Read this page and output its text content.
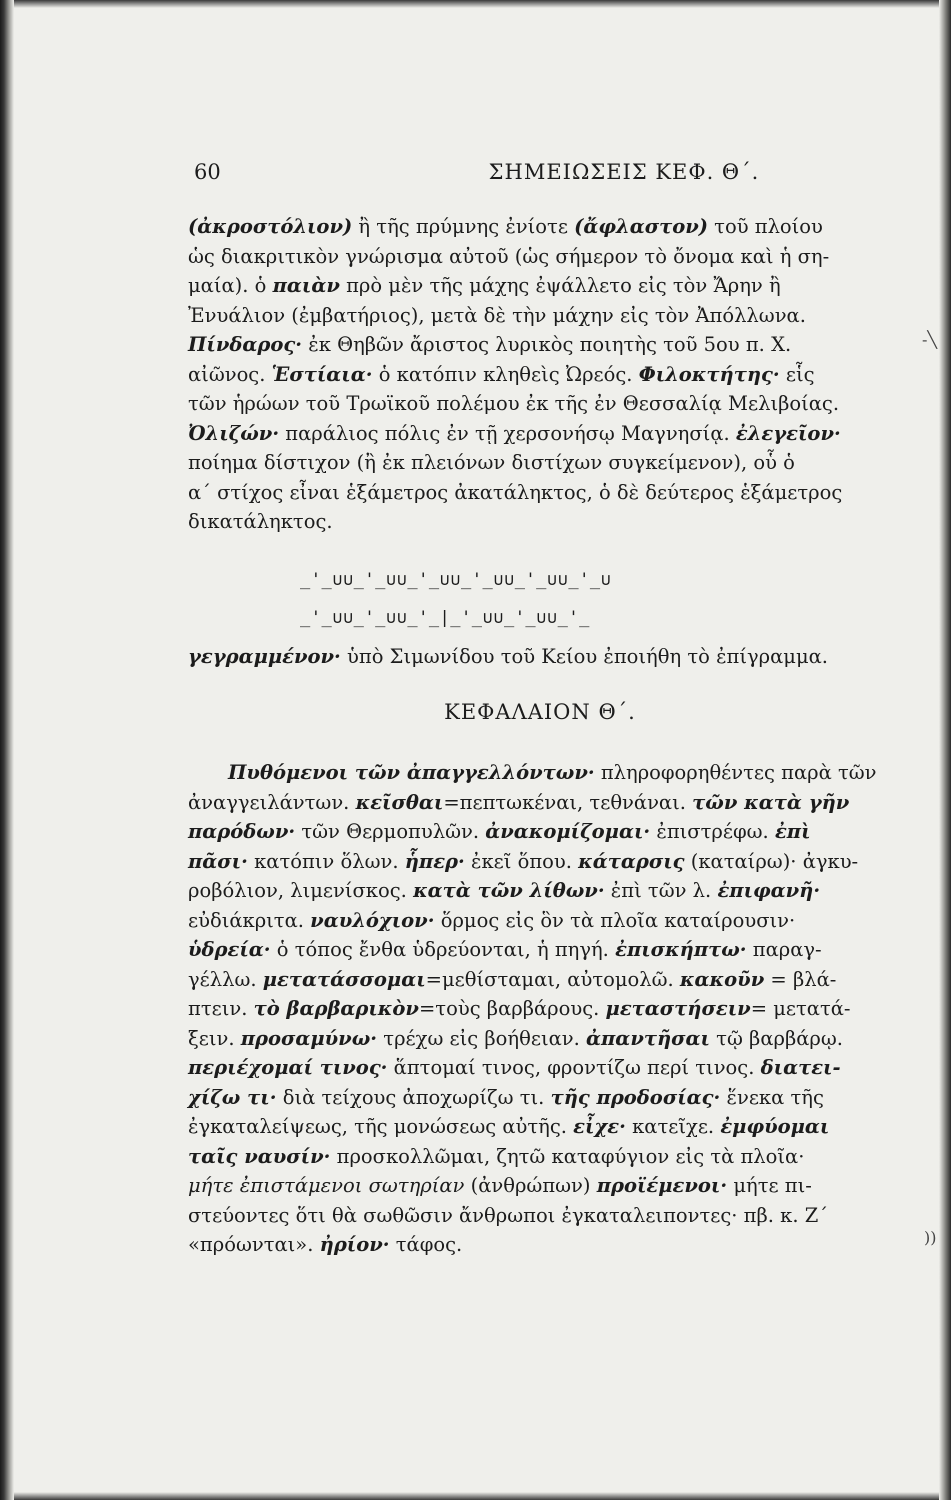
60	ΣΗΜΕΙΩΣΕΙΣ ΚΕΦ. Θ΄.
(ἀκροστόλιον) ἢ τῆς πρύμνης ἐνίοτε (ἄφλαστον) τοῦ πλοίου
ὡς διακριτικὸν γνώρισμα αὐτοῦ (ὡς σήμερον τὸ ὄνομα καὶ ἡ ση-
μαία). ὁ παιὰν πρὸ μὲν τῆς μάχης ἐψάλλετο εἰς τὸν Ἄρην ἢ
Ἐνυάλιον (ἐμβατήριος), μετὰ δὲ τὴν μάχην εἰς τὸν Ἀπόλλωνα.
Πίνδαρος· ἐκ Θηβῶν ἄριστος λυρικὸς ποιητὴς τοῦ 5ου π. Χ.
αἰῶνος. Ἑστίαια· ὁ κατόπιν κληθεὶς Ὠρεός. Φιλοκτήτης· εἷς
τῶν ἡρώων τοῦ Τρωϊκοῦ πολέμου ἐκ τῆς ἐν Θεσσαλίᾳ Μελιβοίας.
Ὀλιζών· παράλιος πόλις ἐν τῇ χερσονήσῳ Μαγνησίᾳ. ἐλεγεῖον·
ποίημα δίστιχον (ἢ ἐκ πλειόνων διστίχων συγκείμενον), οὗ ὁ
α΄ στίχος εἶναι ἑξάμετρος ἀκατάληκτος, ὁ δὲ δεύτερος ἑξάμετρος
δικατάληκτος.
_'_∪∪_'_∪∪_'_∪∪_'_∪∪_'_∪∪_'_∪
_'_∪∪_'_∪∪_'_|_'_∪∪_'_∪∪_'_
γεγραμμένον· ὑπὸ Σιμωνίδου τοῦ Κείου ἐποιήθη τὸ ἐπίγραμμα.
ΚΕΦΑΛΑΙΟΝ Θ΄.
Πυθόμενοι τῶν ἀπαγγελλόντων· πληροφορηθέντες παρὰ τῶν
ἀναγγειλάντων. κεῖσθαι=πεπτωκέναι, τεθνάναι. τῶν κατὰ γῆν
παρόδων· τῶν Θερμοπυλῶν. ἀνακομίζομαι· ἐπιστρέφω. ἐπὶ
πᾶσι· κατόπιν ὅλων. ἧπερ· ἐκεῖ ὅπου. κάταρσις (καταίρω)· ἀγκυ-
ροβόλιον, λιμενίσκος. κατὰ τῶν λίθων· ἐπὶ τῶν λ. ἐπιφανῆ·
εὐδιάκριτα. ναυλόχιον· ὅρμος εἰς ὃν τὰ πλοῖα καταίρουσιν·
ὑδρεία· ὁ τόπος ἔνθα ὑδρεύονται, ἡ πηγή. ἐπισκήπτω· παραγ-
γέλλω. μετατάσσομαι=μεθίσταμαι, αὐτομολῶ. κακοῦν = βλά-
πτειν. τὸ βαρβαρικὸν=τοὺς βαρβάρους. μεταστήσειν= μετατά-
ξειν. προσαμύνω· τρέχω εἰς βοήθειαν. ἀπαντῆσαι τῷ βαρβάρῳ.
περιέχομαί τινος· ἅπτομαί τινος, φροντίζω περί τινος. διατει-
χίζω τι· διὰ τείχους ἀποχωρίζω τι. τῆς προδοσίας· ἕνεκα τῆς
ἐγκαταλείψεως, τῆς μονώσεως αὐτῆς. εἶχε· κατεῖχε. ἐμφύομαι
ταῖς ναυσίν· προσκολλῶμαι, ζητῶ καταφύγιον εἰς τὰ πλοῖα·
μήτε ἐπιστάμενοι σωτηρίαν (ἀνθρώπων) προϊέμενοι· μήτε πι-
στεύοντες ὅτι θὰ σωθῶσιν ἄνθρωποι ἐγκαταλειποντες· πβ. κ. Ζ΄
«πρόωνται». ἠρίον· τάφος.
-╲
))
